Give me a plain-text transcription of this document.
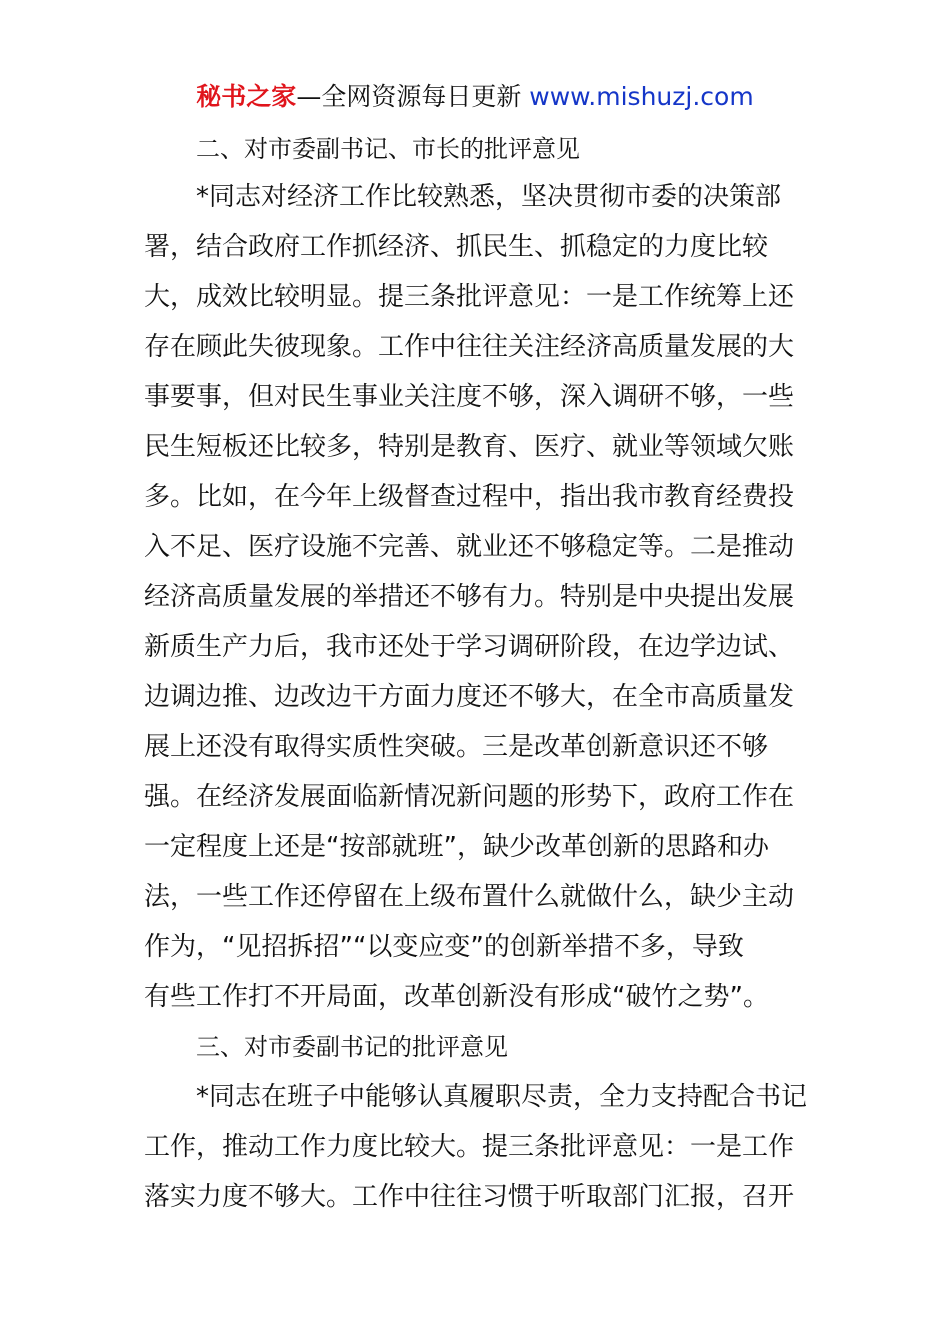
秘书之家—全网资源每日更新 www.mishuzj.com
二、对市委副书记、市长的批评意见
*同志对经济工作比较熟悉，坚决贯彻市委的决策部
署，结合政府工作抓经济、抓民生、抓稳定的力度比较
大，成效比较明显。提三条批评意见：一是工作统筹上还
存在顾此失彼现象。工作中往往关注经济高质量发展的大
事要事，但对民生事业关注度不够，深入调研不够，一些
民生短板还比较多，特别是教育、医疗、就业等领域欠账
多。比如，在今年上级督查过程中，指出我市教育经费投
入不足、医疗设施不完善、就业还不够稳定等。二是推动
经济高质量发展的举措还不够有力。特别是中央提出发展
新质生产力后，我市还处于学习调研阶段，在边学边试、
边调边推、边改边干方面力度还不够大，在全市高质量发
展上还没有取得实质性突破。三是改革创新意识还不够
强。在经济发展面临新情况新问题的形势下，政府工作在
一定程度上还是“按部就班”，缺少改革创新的思路和办
法，一些工作还停留在上级布置什么就做什么，缺少主动
作为，“见招拆招”“以变应变”的创新举措不多，导致
有些工作打不开局面，改革创新没有形成“破竹之势”。
三、对市委副书记的批评意见
*同志在班子中能够认真履职尽责，全力支持配合书记
工作，推动工作力度比较大。提三条批评意见：一是工作
落实力度不够大。工作中往往习惯于听取部门汇报，召开
